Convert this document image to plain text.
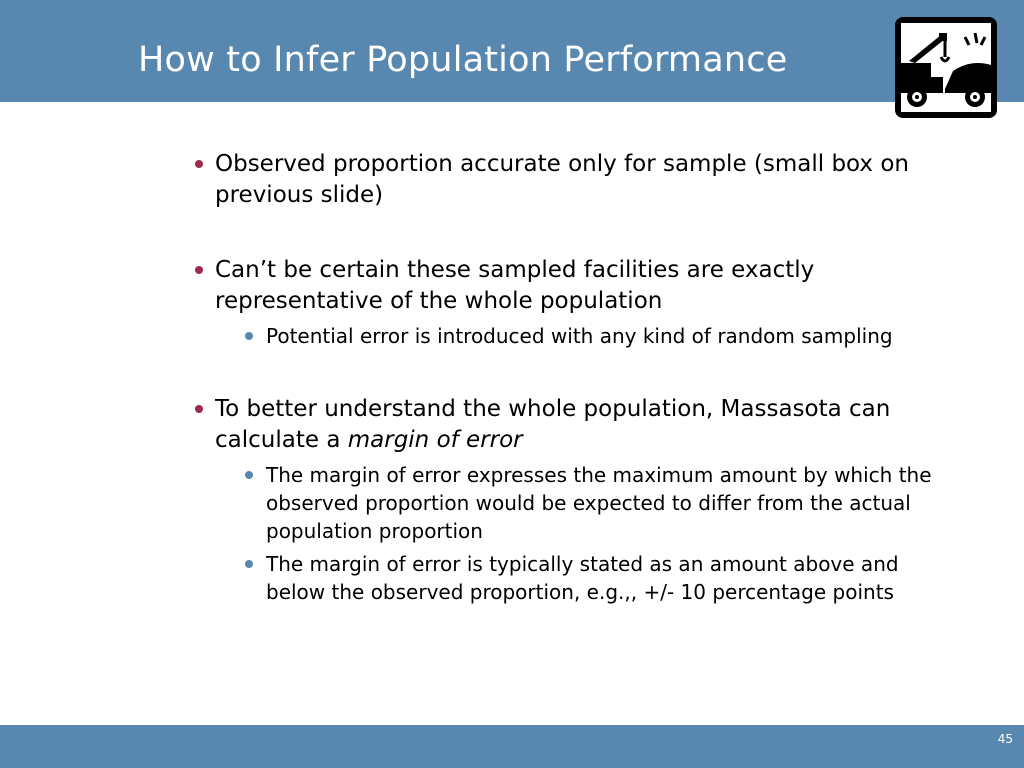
How to Infer Population Performance
Observed proportion accurate only for sample (small box on previous slide)
Can’t be certain these sampled facilities are exactly representative of the whole population
Potential error is introduced with any kind of random sampling
To better understand the whole population, Massasota can calculate a margin of error
The margin of error expresses the maximum amount by which the observed proportion would be expected to differ from the actual population proportion
The margin of error is typically stated as an amount above and below the observed proportion, e.g.,, +/- 10 percentage points
45
